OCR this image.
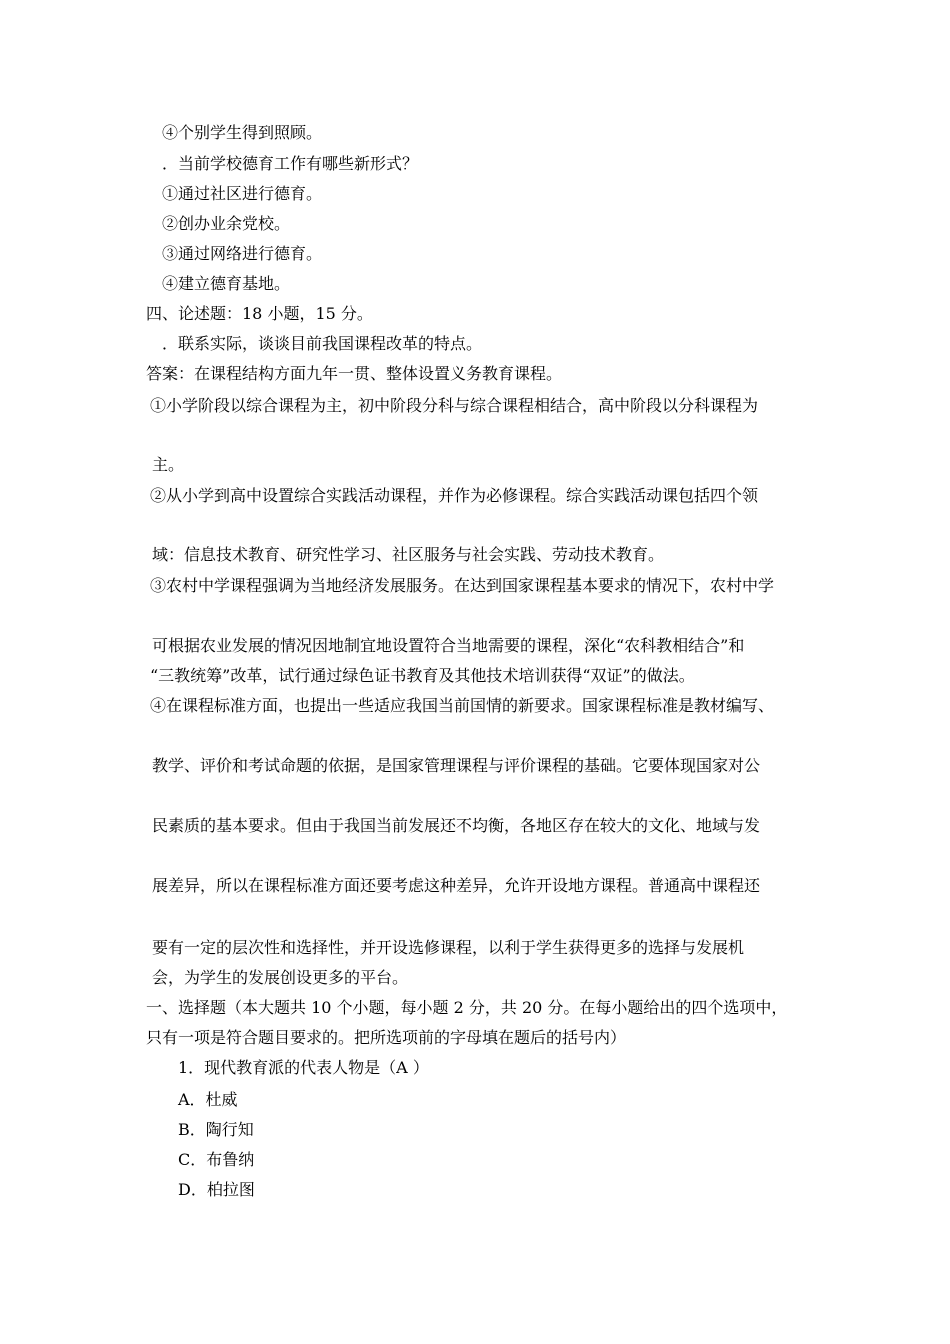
④个别学生得到照顾。
．当前学校德育工作有哪些新形式？
①通过社区进行德育。
②创办业余党校。
③通过网络进行德育。
④建立德育基地。
四、论述题：18 小题，15 分。
．联系实际，谈谈目前我国课程改革的特点。
答案：在课程结构方面九年一贯、整体设置义务教育课程。
①小学阶段以综合课程为主，初中阶段分科与综合课程相结合，高中阶段以分科课程为
主。
②从小学到高中设置综合实践活动课程，并作为必修课程。综合实践活动课包括四个领
域：信息技术教育、研究性学习、社区服务与社会实践、劳动技术教育。
③农村中学课程强调为当地经济发展服务。在达到国家课程基本要求的情况下，农村中学
可根据农业发展的情况因地制宜地设置符合当地需要的课程，深化“农科教相结合”和
“三教统筹”改革，试行通过绿色证书教育及其他技术培训获得“双证”的做法。
④在课程标准方面，也提出一些适应我国当前国情的新要求。国家课程标准是教材编写、
教学、评价和考试命题的依据，是国家管理课程与评价课程的基础。它要体现国家对公
民素质的基本要求。但由于我国当前发展还不均衡，各地区存在较大的文化、地域与发
展差异，所以在课程标准方面还要考虑这种差异，允许开设地方课程。普通高中课程还
要有一定的层次性和选择性，并开设选修课程，以利于学生获得更多的选择与发展机
会，为学生的发展创设更多的平台。
一、选择题（本大题共 10 个小题，每小题 2 分，共 20 分。在每小题给出的四个选项中，
只有一项是符合题目要求的。把所选项前的字母填在题后的括号内）
1．现代教育派的代表人物是（A ）
A．杜威
B．陶行知
C．布鲁纳
D．柏拉图
